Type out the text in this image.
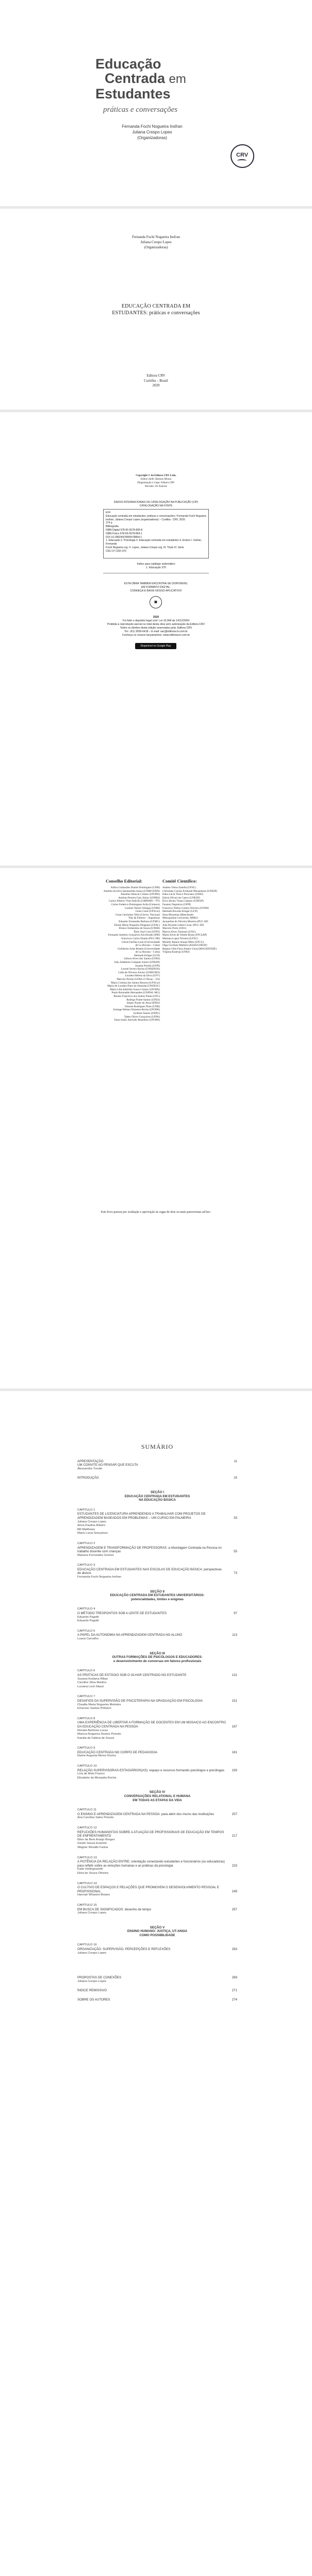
Educação
Centrada em
Estudantes
práticas e conversações
Fernanda Fochi Nogueira Insfran
Juliana Crespo Lopes
(Organizadoras)
CRV
Fernanda Fochi Nogueira Insfran
Juliana Crespo Lopes
(Organizadoras)
EDUCAÇÃO CENTRADA EM
ESTUDANTES: práticas e conversações
Editora CRV
Curitiba – Brasil
2020
Copyright © da Editora CRV Ltda.
Editor-chefe: Railson Moura
Diagramação e Capa: Editora CRV
Revisão: Os Autores
DADOS INTERNACIONAIS DE CATALOGAÇÃO NA PUBLICAÇÃO (CIP)
CATALOGAÇÃO NA FONTE
E24
Educação centrada em estudantes: práticas e conversações / Fernanda Fochi Nogueira
Insfran, Juliana Crespo Lopes (organizadoras) – Curitiba : CRV, 2020.
274 p.
Bibliografia
ISBN Digital 978-65-5578-895-8
ISBN Físico 978-65-5578-894-1
DOI 10.24824/978655578894.1
1. Educação 2. Psicologia 3. Educação centrada em estudantes 4. Ensino I. Insfran, Fernanda
Fochi Nogueira org. II. Lopes, Juliana Crespo org. III. Título IV. Série
CDU 37 CDD 370
Índice para catálogo sistemático
1. Educação 370
ESTA OBRA TAMBÉM ENCONTRA-SE DISPONÍVEL
EM FORMATO DIGITAL.
CONHEÇA E BAIXE NOSSO APLICATIVO!
▦
2020
Foi feito o depósito legal conf. Lei 10.994 de 14/12/2004
Proibida a reprodução parcial ou total desta obra sem autorização da Editora CRV
Todos os direitos desta edição reservados pela: Editora CRV
Tel.: (41) 3039-6418 – E-mail: sac@editoracrv.com.br
Conheça os nossos lançamentos: www.editoracrv.com.br
Disponível no Google Play
Conselho Editorial:	Comitê Científico:
Aldira Guimarães Duarte Domínguez (UNB)
Andréia da Silva Quintanilha Sousa (UNIR/UFRN)
Anselmo Alencar Colares (UFOPA)
Antônio Pereira Gaio Júnior (UFRRJ)
Carlos Alberto Vilar Estêvão (UMINHO – PT)
Carlos Federico Dominguez Avila (Unieuro)
Carmen Tereza Velanga (UNIR)
Celso Conti (UFSCar)
Cesar Gerónimo Tello (Univer. Nacional
Três de Febrero – Argentina)
Eduardo Fernandes Barbosa (UFMG)
Elione Maria Nogueira Diogenes (UFAL)
Elizeu Clementino de Souza (UNEB)
Élsio José Corá (UFFS)
Fernando Antônio Gonçalves Alcoforado (IPB)
Francisco Carlos Duarte (PUC-PR)
Gloria Fariñas León (Universidade
de La Havana – Cuba)
Guillermo Arias Beatón (Universidade
de La Havana – Cuba)
Helmuth Krüger (UCP)
Jailson Alves dos Santos (UFRJ)
João Adalberto Campato Junior (UNESP)
Josania Portela (UFPI)
Leonel Severo Rocha (UNISINOS)
Lídia de Oliveira Xavier (UNIEURO)
Lourdes Helena da Silva (UFV)
Marcelo Paixão (UFRJ e UTexas – US)
Maria Cristina dos Santos Bezerra (UFSCar)
Maria de Lourdes Pinto de Almeida (UNOESC)
Maria Lília Imbiriba Sousa Colares (UFOPA)
Paulo Romualdo Hernandes (UNIFAL-MG)
Renato Francisco dos Santos Paula (UFG)
Rodrigo Pratte-Santos (UFES)
Sérgio Nunes de Jesus (IFRO)
Simone Rodrigues Pinto (UNB)
Solange Helena Ximenes-Rocha (UFOPA)
Sydione Santos (UEPG)
Tadeu Oliver Gonçalves (UFPA)
Tania Suely Azevedo Brasileiro (UFOPA)
Andrea Vieira Zanella (UFSC)
Christiane Carrijo Eckhardt Mouammar (UNESP)
Edna Lúcia Tinoco Ponciano (UERJ)
Edson Olivari de Castro (UNESP)
Érico Bruno Viana Campos (UNESP)
Fauston Negreiros (UFPI)
Francisco Nilton Gomes Oliveira (UFSM)
Helmuth Ricardo Krüger (UCP)
Ilana Mountian (Manchester
Metropolitan University, MMU)
Jacqueline de Oliveira Moreira (PUC-SP)
João Ricardo Lebert Cozac (PUC-SP)
Marcelo Porto (UEG)
Marcia Alves Tassinari (USU)
Maria Alves de Toledo Bruns (FFCLRP)
Mariana Lopez Teixeira (UFSC)
Monilly Ramos Araujo Melo (UFCG)
Olga Ceciliato Mattioli (ASSIS/UNESP)
Regina Célia Faria Amaro Giora (MACKENZIE)
Virgínia Kastrup (UFRJ)
Este livro passou por avaliação e aprovação às cegas de dois ou mais pareceristas ad hoc.
SUMÁRIO
APRESENTAÇÃO	11
UM CONVITE AO PENSAR QUE ESCUTA
Alessandra Trovão
INTRODUÇÃO	15
SEÇÃO I
EDUCAÇÃO CENTRADA EM ESTUDANTES
NA EDUCAÇÃO BÁSICA
CAPÍTULO 1
ESTUDANTES DE LICENCIATURA APRENDENDO A TRABALHAR COM PROJETOS DE APRENDIZAGEM BASEADOS EM PROBLEMAS – UM CURSO EM PALMEIRA	33
Juliana Crespo Lopes
Anna Paulina Ribeiro
Bill Matthews
Maria Lúcia Gonçalves
CAPÍTULO 2
APRENDIZAGEM E TRANSFORMAÇÃO DE PROFESSORAS: a Abordagem Centrada na Pessoa no trabalho docente com crianças	55
Mariana Fernandes Gomes
CAPÍTULO 3
EDUCAÇÃO CENTRADA EM ESTUDANTES NAS ESCOLAS DE EDUCAÇÃO BÁSICA: perspectivas de alunos	73
Fernanda Fochi Nogueira Insfran
SEÇÃO II
EDUCAÇÃO CENTRADA EM ESTUDANTES UNIVERSITÁRIOS:
potencialidades, limites e enigmas
CAPÍTULO 4
O MÉTODO TRESPONTOS SOB A LENTE DE ESTUDANTES	97
Eduardo Pagotti
Eduardo Pagotti
CAPÍTULO 5
A PAPEL DA AUTONOMIA NA APRENDIZAGEM CENTRADA NO ALUNO	113
Luana Carvalho
SEÇÃO III
OUTRAS FORMAÇÕES DE PSICÓLOGOS E EDUCADORES:
o desenvolvimento de conversas em fatores profissionais
CAPÍTULO 6
AS PRÁTICAS DE ESTÁGIO SOB O OLHAR CENTRADO NO ESTUDANTE	131
Suzana Kodama Ribas
Caroline Silva Martins
Luciana Loch Mazzi
CAPÍTULO 7
DESAFIOS DA SUPERVISÃO DE PSICOTERAPIA NA GRADUAÇÃO EM PSICOLOGIA	151
Claudia Maria Nogueira Meireles
Emerson Santos Pinheiro
CAPÍTULO 8
UMA EXPERIÊNCIA DE LIBERTAR A FORMAÇÃO DE DOCENTES EM UM MOSAICO AO ENCONTRO DA EDUCAÇÃO CENTRADA NA PESSOA	167
Renata Barbosa Lucas
Monica Nogueira Soares Peixoto
Kamila de Fátima de Souza
CAPÍTULO 9
EDUCAÇÃO CENTRADA NO CORPO DE PEDAGOGIA	181
Elaine Augusta Mores Rocha
CAPÍTULO 10
RELAÇÃO SUPERVISORAS-ESTAGIÁRIOS(AS): espaço e recursos formando psicólogos e psicólogas	193
Liria de Melo Franco
Elizabete da Mesquita Rocha
SEÇÃO IV
CONVERSAÇÕES RELATIONAL E HUMANA
EM TODAS AS ETAPAS DA VIDA
CAPÍTULO 11
O ENSINO E APRENDIZAGEM CENTRADA NA PESSOA: para além dos muros das instituições	207
Ana Carolina Sales Peixoto
CAPÍTULO 12
REFLEXÕES HUMANISTAS SOBRE A ATUAÇÃO DE PROFISSIONAIS DE EDUCAÇÃO EM TEMPOS DE ENFRENTAMENTO	217
Ellen de Bem Araújo Borges
Gisele Sousa Evaristo
Wagner Rinaldo Farina
CAPÍTULO 13
A POTÊNCIA DA RELAÇÃO ENTRE: orientação conectando estudantes e funcionários (ou educadoras) para refletir sobre as emoções humanas e as práticas da psicologia	233
Katie Hollingsworth
Elisa de Souza Oliveira
CAPÍTULO 14
O CULTIVO DE ESPAÇOS E RELAÇÕES QUE PROMOVEM O DESENVOLVIMENTO PESSOAL E PROFISSIONAL	249
Hannah Wharton-Bowes
CAPÍTULO 15
EM BUSCA DE SIGNIFICADOS: desenho de tempo	257
Juliana Crespo Lopes
SEÇÃO V
ENSINO HUMANO: JUSTIÇA, UT-ANSIA
COMO POSSIBILIDADE
CAPÍTULO 16
ORGANIZAÇÃO: SUPERVISÃO, PERCEPÇÕES E REFLEXÕES	263
Juliana Crespo Lopes
PROPOSTAS DE CONEXÕES	269
Juliana Crespo Lopes
ÍNDICE REMISSIVO	271
SOBRE OS AUTORES	274
